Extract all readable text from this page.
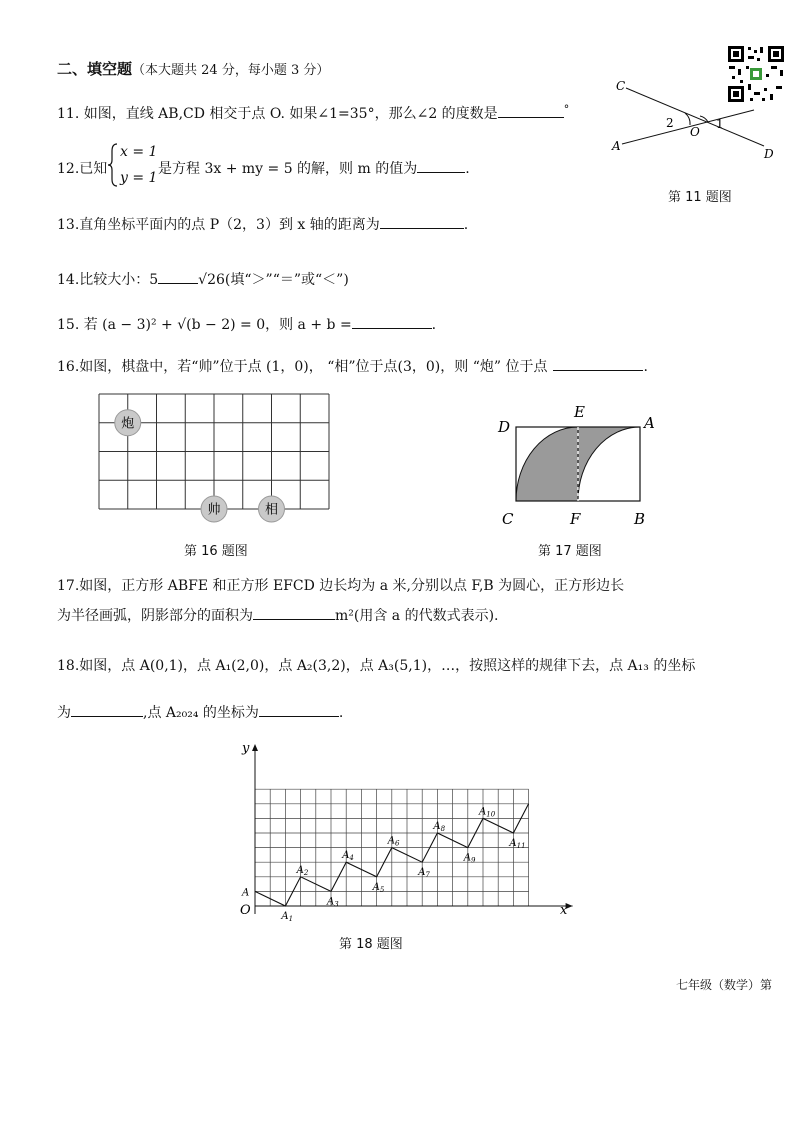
二、填空题（本大题共 24 分，每小题 3 分）
11. 如图，直线 AB,CD 相交于点 O. 如果∠1=35°，那么∠2 的度数是	°
C
A
O
D
1
2
第 11 题图
12.已知
x = 1
y = 1
是方程 3x + my = 5 的解，则 m 的值为	.
13.直角坐标平面内的点 P（2，3）到 x 轴的距离为	.
14.比较大小：5	√26(填“＞”“＝”或“＜”)
15. 若 (a − 3)² + √(b − 2) = 0，则 a + b =	.
16.如图，棋盘中，若“帅”位于点 (1，0)， “相”位于点(3，0)，则 “炮” 位于点	.
炮
帅	相
第 16 题图
D
E
A
C	F	B
第 17 题图
17.如图，正方形 ABFE 和正方形 EFCD 边长均为 a 米,分别以点 F,B 为圆心，正方形边长
为半径画弧，阴影部分的面积为	m²(用含 a 的代数式表示).
18.如图，点 A(0,1)，点 A₁(2,0)，点 A₂(3,2)，点 A₃(5,1)，…，按照这样的规律下去，点 A₁₃ 的坐标
为	,点 A₂₀₂₄ 的坐标为	.
A
$A_1$
$A_2$
$A_3$
$A_4$
$A_5$
$A_6$
$A_7$
$A_8$
$A_9$
$A_{10}$
$A_{11}$
x
y
O
第 18 题图
七年级（数学）第
